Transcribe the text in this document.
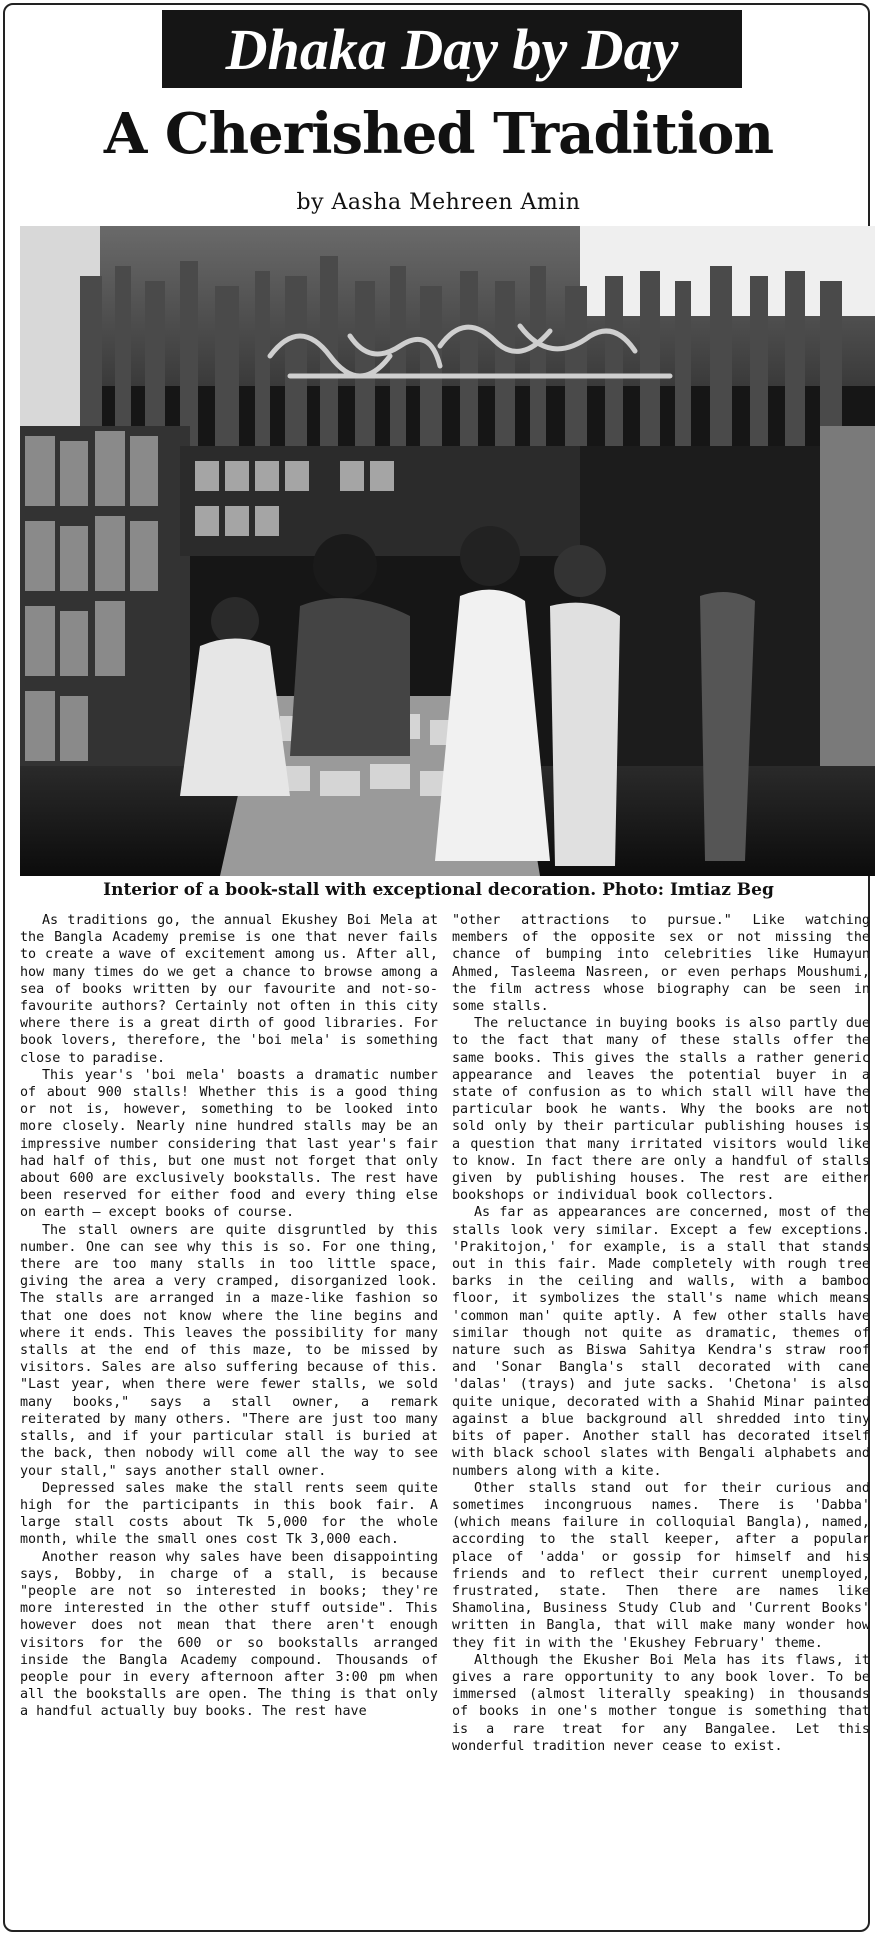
Dhaka Day by Day
A Cherished Tradition
by Aasha Mehreen Amin
Interior of a book-stall with exceptional decoration. Photo: Imtiaz Beg

As traditions go, the annual Ekushey Boi Mela at the Bangla Academy premise is one that never fails to create a wave of excitement among us. After all, how many times do we get a chance to browse among a sea of books written by our favourite and not-so-favourite authors? Certainly not often in this city where there is a great dirth of good libraries. For book lovers, therefore, the 'boi mela' is something close to paradise.

This year's 'boi mela' boasts a dramatic number of about 900 stalls! Whether this is a good thing or not is, however, something to be looked into more closely. Nearly nine hundred stalls may be an impressive number considering that last year's fair had half of this, but one must not forget that only about 600 are exclusively bookstalls. The rest have been reserved for either food and every thing else on earth — except books of course.

The stall owners are quite disgruntled by this number. One can see why this is so. For one thing, there are too many stalls in too little space, giving the area a very cramped, disorganized look. The stalls are arranged in a maze-like fashion so that one does not know where the line begins and where it ends. This leaves the possibility for many stalls at the end of this maze, to be missed by visitors. Sales are also suffering because of this. "Last year, when there were fewer stalls, we sold many books," says a stall owner, a remark reiterated by many others. "There are just too many stalls, and if your particular stall is buried at the back, then nobody will come all the way to see your stall," says another stall owner.

Depressed sales make the stall rents seem quite high for the participants in this book fair. A large stall costs about Tk 5,000 for the whole month, while the small ones cost Tk 3,000 each.

Another reason why sales have been disappointing says, Bobby, in charge of a stall, is because "people are not so interested in books; they're more interested in the other stuff outside". This however does not mean that there aren't enough visitors for the 600 or so bookstalls arranged inside the Bangla Academy compound. Thousands of people pour in every afternoon after 3:00 pm when all the bookstalls are open. The thing is that only a handful actually buy books. The rest have

"other attractions to pursue." Like watching members of the opposite sex or not missing the chance of bumping into celebrities like Humayun Ahmed, Tasleema Nasreen, or even perhaps Moushumi, the film actress whose biography can be seen in some stalls.

The reluctance in buying books is also partly due to the fact that many of these stalls offer the same books. This gives the stalls a rather generic appearance and leaves the potential buyer in a state of confusion as to which stall will have the particular book he wants. Why the books are not sold only by their particular publishing houses is a question that many irritated visitors would like to know. In fact there are only a handful of stalls given by publishing houses. The rest are either bookshops or individual book collectors.

As far as appearances are concerned, most of the stalls look very similar. Except a few exceptions. 'Prakitojon,' for example, is a stall that stands out in this fair. Made completely with rough tree barks in the ceiling and walls, with a bamboo floor, it symbolizes the stall's name which means 'common man' quite aptly. A few other stalls have similar though not quite as dramatic, themes of nature such as Biswa Sahitya Kendra's straw roof and 'Sonar Bangla's stall decorated with cane 'dalas' (trays) and jute sacks. 'Chetona' is also quite unique, decorated with a Shahid Minar painted against a blue background all shredded into tiny bits of paper. Another stall has decorated itself with black school slates with Bengali alphabets and numbers along with a kite.

Other stalls stand out for their curious and sometimes incongruous names. There is 'Dabba' (which means failure in colloquial Bangla), named, according to the stall keeper, after a popular place of 'adda' or gossip for himself and his friends and to reflect their current unemployed, frustrated, state. Then there are names like Shamolina, Business Study Club and 'Current Books' written in Bangla, that will make many wonder how they fit in with the 'Ekushey February' theme.

Although the Ekusher Boi Mela has its flaws, it gives a rare opportunity to any book lover. To be immersed (almost literally speaking) in thousands of books in one's mother tongue is something that is a rare treat for any Bangalee. Let this wonderful tradition never cease to exist.
